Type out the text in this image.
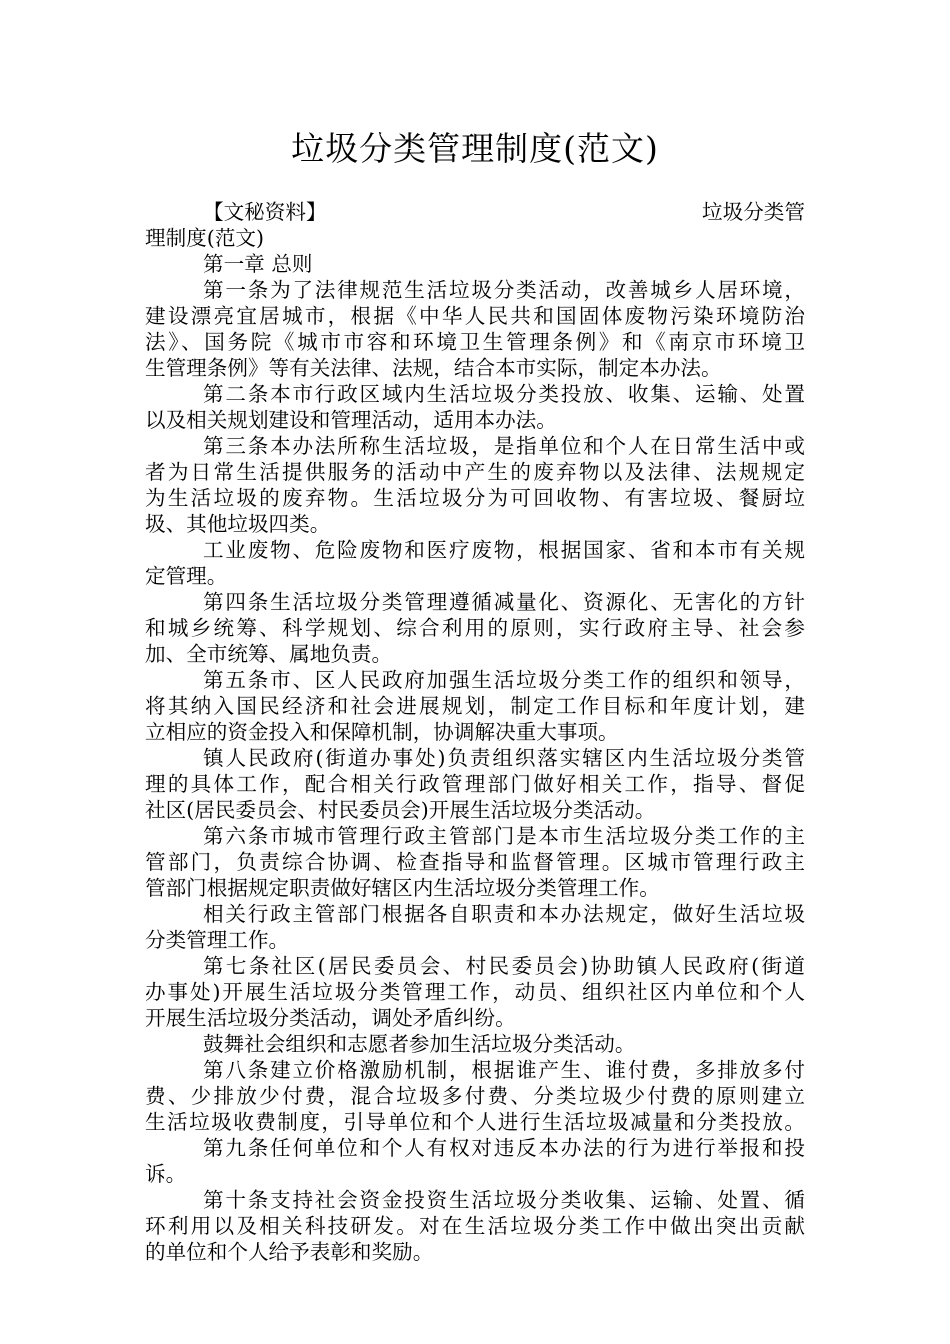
垃圾分类管理制度(范文)
【文秘资料】	垃圾分类管
理制度(范文)
第一章 总则
第一条为了法律规范生活垃圾分类活动，改善城乡人居环境，
建设漂亮宜居城市，根据《中华人民共和国固体废物污染环境防治
法》、国务院《城市市容和环境卫生管理条例》和《南京市环境卫
生管理条例》等有关法律、法规，结合本市实际，制定本办法。
第二条本市行政区域内生活垃圾分类投放、收集、运输、处置
以及相关规划建设和管理活动，适用本办法。
第三条本办法所称生活垃圾，是指单位和个人在日常生活中或
者为日常生活提供服务的活动中产生的废弃物以及法律、法规规定
为生活垃圾的废弃物。生活垃圾分为可回收物、有害垃圾、餐厨垃
圾、其他垃圾四类。
工业废物、危险废物和医疗废物，根据国家、省和本市有关规
定管理。
第四条生活垃圾分类管理遵循减量化、资源化、无害化的方针
和城乡统筹、科学规划、综合利用的原则，实行政府主导、社会参
加、全市统筹、属地负责。
第五条市、区人民政府加强生活垃圾分类工作的组织和领导，
将其纳入国民经济和社会进展规划，制定工作目标和年度计划，建
立相应的资金投入和保障机制，协调解决重大事项。
镇人民政府(街道办事处)负责组织落实辖区内生活垃圾分类管
理的具体工作，配合相关行政管理部门做好相关工作，指导、督促
社区(居民委员会、村民委员会)开展生活垃圾分类活动。
第六条市城市管理行政主管部门是本市生活垃圾分类工作的主
管部门，负责综合协调、检查指导和监督管理。区城市管理行政主
管部门根据规定职责做好辖区内生活垃圾分类管理工作。
相关行政主管部门根据各自职责和本办法规定，做好生活垃圾
分类管理工作。
第七条社区(居民委员会、村民委员会)协助镇人民政府(街道
办事处)开展生活垃圾分类管理工作，动员、组织社区内单位和个人
开展生活垃圾分类活动，调处矛盾纠纷。
鼓舞社会组织和志愿者参加生活垃圾分类活动。
第八条建立价格激励机制，根据谁产生、谁付费，多排放多付
费、少排放少付费，混合垃圾多付费、分类垃圾少付费的原则建立
生活垃圾收费制度，引导单位和个人进行生活垃圾减量和分类投放。
第九条任何单位和个人有权对违反本办法的行为进行举报和投
诉。
第十条支持社会资金投资生活垃圾分类收集、运输、处置、循
环利用以及相关科技研发。对在生活垃圾分类工作中做出突出贡献
的单位和个人给予表彰和奖励。
